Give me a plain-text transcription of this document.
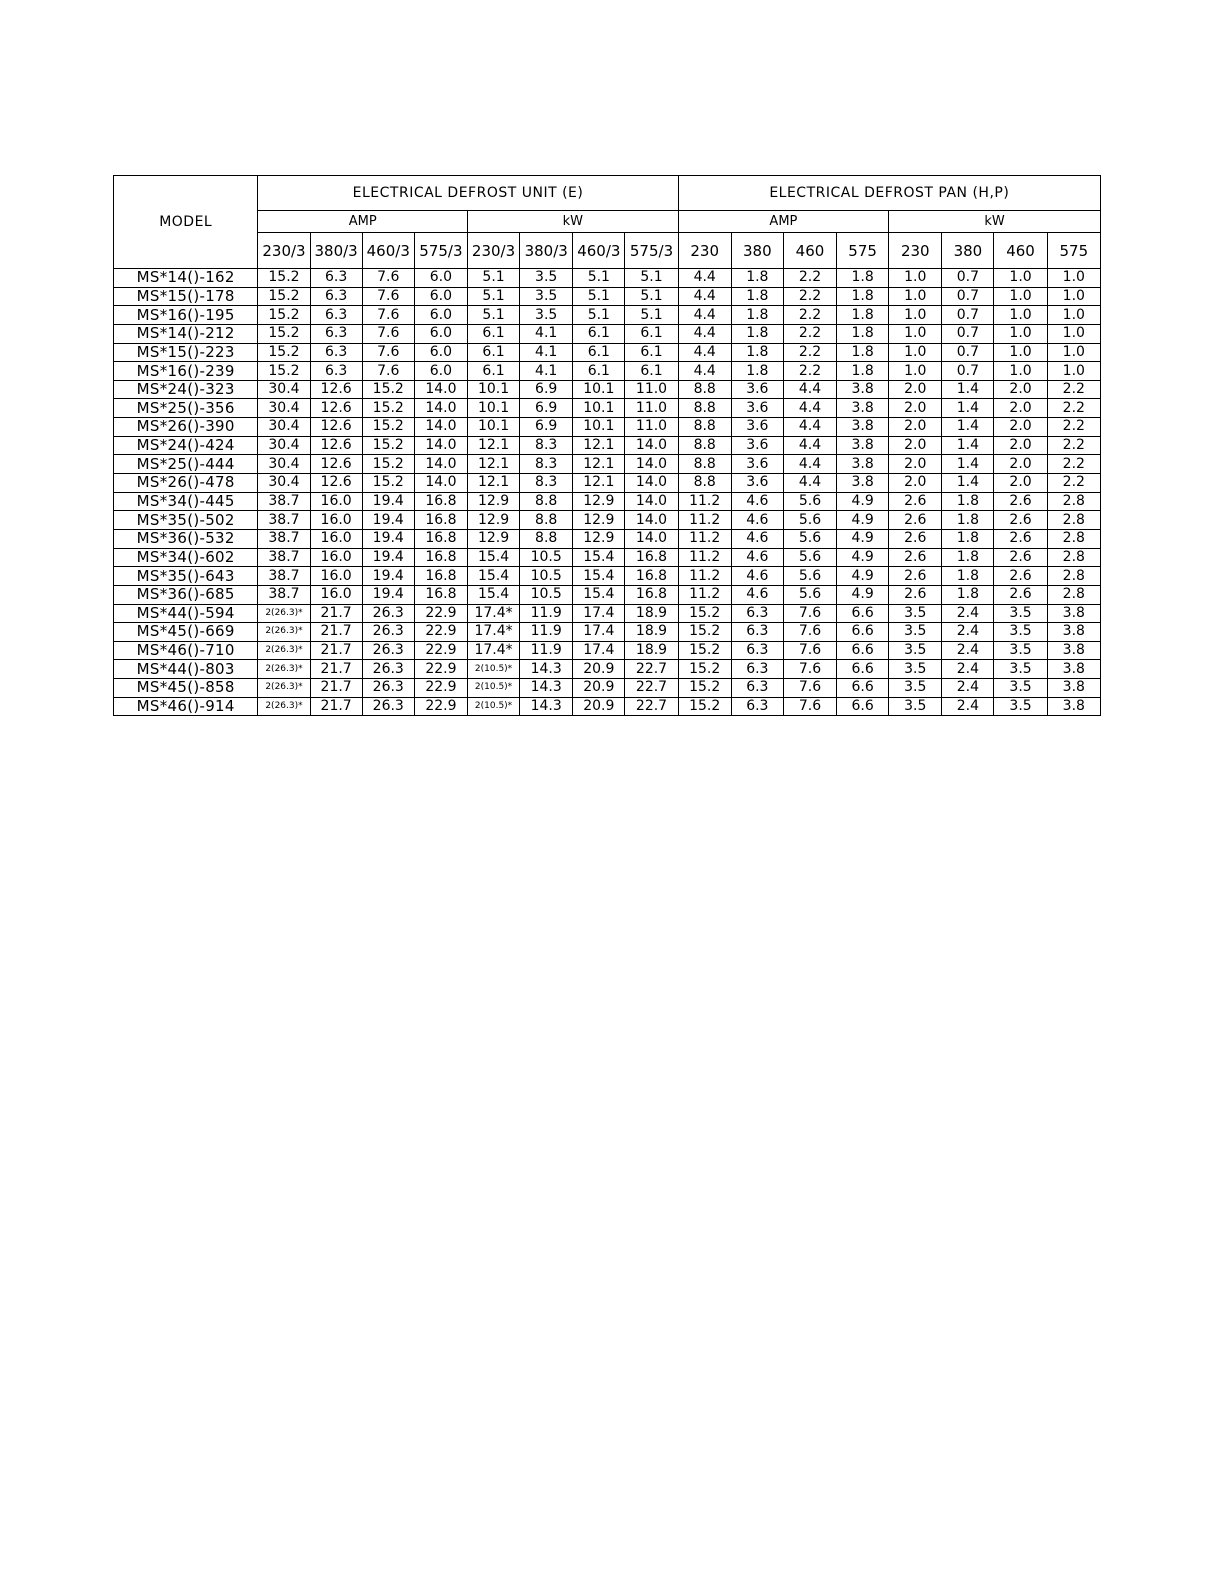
MODEL	ELECTRICAL DEFROST UNIT (E)								ELECTRICAL DEFROST PAN (H,P)							
	AMP				kW				AMP				kW			
	230/3	380/3	460/3	575/3	230/3	380/3	460/3	575/3	230	380	460	575	230	380	460	575
MS*14()-162	15.2	6.3	7.6	6.0	5.1	3.5	5.1	5.1	4.4	1.8	2.2	1.8	1.0	0.7	1.0	1.0
MS*15()-178	15.2	6.3	7.6	6.0	5.1	3.5	5.1	5.1	4.4	1.8	2.2	1.8	1.0	0.7	1.0	1.0
MS*16()-195	15.2	6.3	7.6	6.0	5.1	3.5	5.1	5.1	4.4	1.8	2.2	1.8	1.0	0.7	1.0	1.0
MS*14()-212	15.2	6.3	7.6	6.0	6.1	4.1	6.1	6.1	4.4	1.8	2.2	1.8	1.0	0.7	1.0	1.0
MS*15()-223	15.2	6.3	7.6	6.0	6.1	4.1	6.1	6.1	4.4	1.8	2.2	1.8	1.0	0.7	1.0	1.0
MS*16()-239	15.2	6.3	7.6	6.0	6.1	4.1	6.1	6.1	4.4	1.8	2.2	1.8	1.0	0.7	1.0	1.0
MS*24()-323	30.4	12.6	15.2	14.0	10.1	6.9	10.1	11.0	8.8	3.6	4.4	3.8	2.0	1.4	2.0	2.2
MS*25()-356	30.4	12.6	15.2	14.0	10.1	6.9	10.1	11.0	8.8	3.6	4.4	3.8	2.0	1.4	2.0	2.2
MS*26()-390	30.4	12.6	15.2	14.0	10.1	6.9	10.1	11.0	8.8	3.6	4.4	3.8	2.0	1.4	2.0	2.2
MS*24()-424	30.4	12.6	15.2	14.0	12.1	8.3	12.1	14.0	8.8	3.6	4.4	3.8	2.0	1.4	2.0	2.2
MS*25()-444	30.4	12.6	15.2	14.0	12.1	8.3	12.1	14.0	8.8	3.6	4.4	3.8	2.0	1.4	2.0	2.2
MS*26()-478	30.4	12.6	15.2	14.0	12.1	8.3	12.1	14.0	8.8	3.6	4.4	3.8	2.0	1.4	2.0	2.2
MS*34()-445	38.7	16.0	19.4	16.8	12.9	8.8	12.9	14.0	11.2	4.6	5.6	4.9	2.6	1.8	2.6	2.8
MS*35()-502	38.7	16.0	19.4	16.8	12.9	8.8	12.9	14.0	11.2	4.6	5.6	4.9	2.6	1.8	2.6	2.8
MS*36()-532	38.7	16.0	19.4	16.8	12.9	8.8	12.9	14.0	11.2	4.6	5.6	4.9	2.6	1.8	2.6	2.8
MS*34()-602	38.7	16.0	19.4	16.8	15.4	10.5	15.4	16.8	11.2	4.6	5.6	4.9	2.6	1.8	2.6	2.8
MS*35()-643	38.7	16.0	19.4	16.8	15.4	10.5	15.4	16.8	11.2	4.6	5.6	4.9	2.6	1.8	2.6	2.8
MS*36()-685	38.7	16.0	19.4	16.8	15.4	10.5	15.4	16.8	11.2	4.6	5.6	4.9	2.6	1.8	2.6	2.8
MS*44()-594	2(26.3)*	21.7	26.3	22.9	17.4*	11.9	17.4	18.9	15.2	6.3	7.6	6.6	3.5	2.4	3.5	3.8
MS*45()-669	2(26.3)*	21.7	26.3	22.9	17.4*	11.9	17.4	18.9	15.2	6.3	7.6	6.6	3.5	2.4	3.5	3.8
MS*46()-710	2(26.3)*	21.7	26.3	22.9	17.4*	11.9	17.4	18.9	15.2	6.3	7.6	6.6	3.5	2.4	3.5	3.8
MS*44()-803	2(26.3)*	21.7	26.3	22.9	2(10.5)*	14.3	20.9	22.7	15.2	6.3	7.6	6.6	3.5	2.4	3.5	3.8
MS*45()-858	2(26.3)*	21.7	26.3	22.9	2(10.5)*	14.3	20.9	22.7	15.2	6.3	7.6	6.6	3.5	2.4	3.5	3.8
MS*46()-914	2(26.3)*	21.7	26.3	22.9	2(10.5)*	14.3	20.9	22.7	15.2	6.3	7.6	6.6	3.5	2.4	3.5	3.8
